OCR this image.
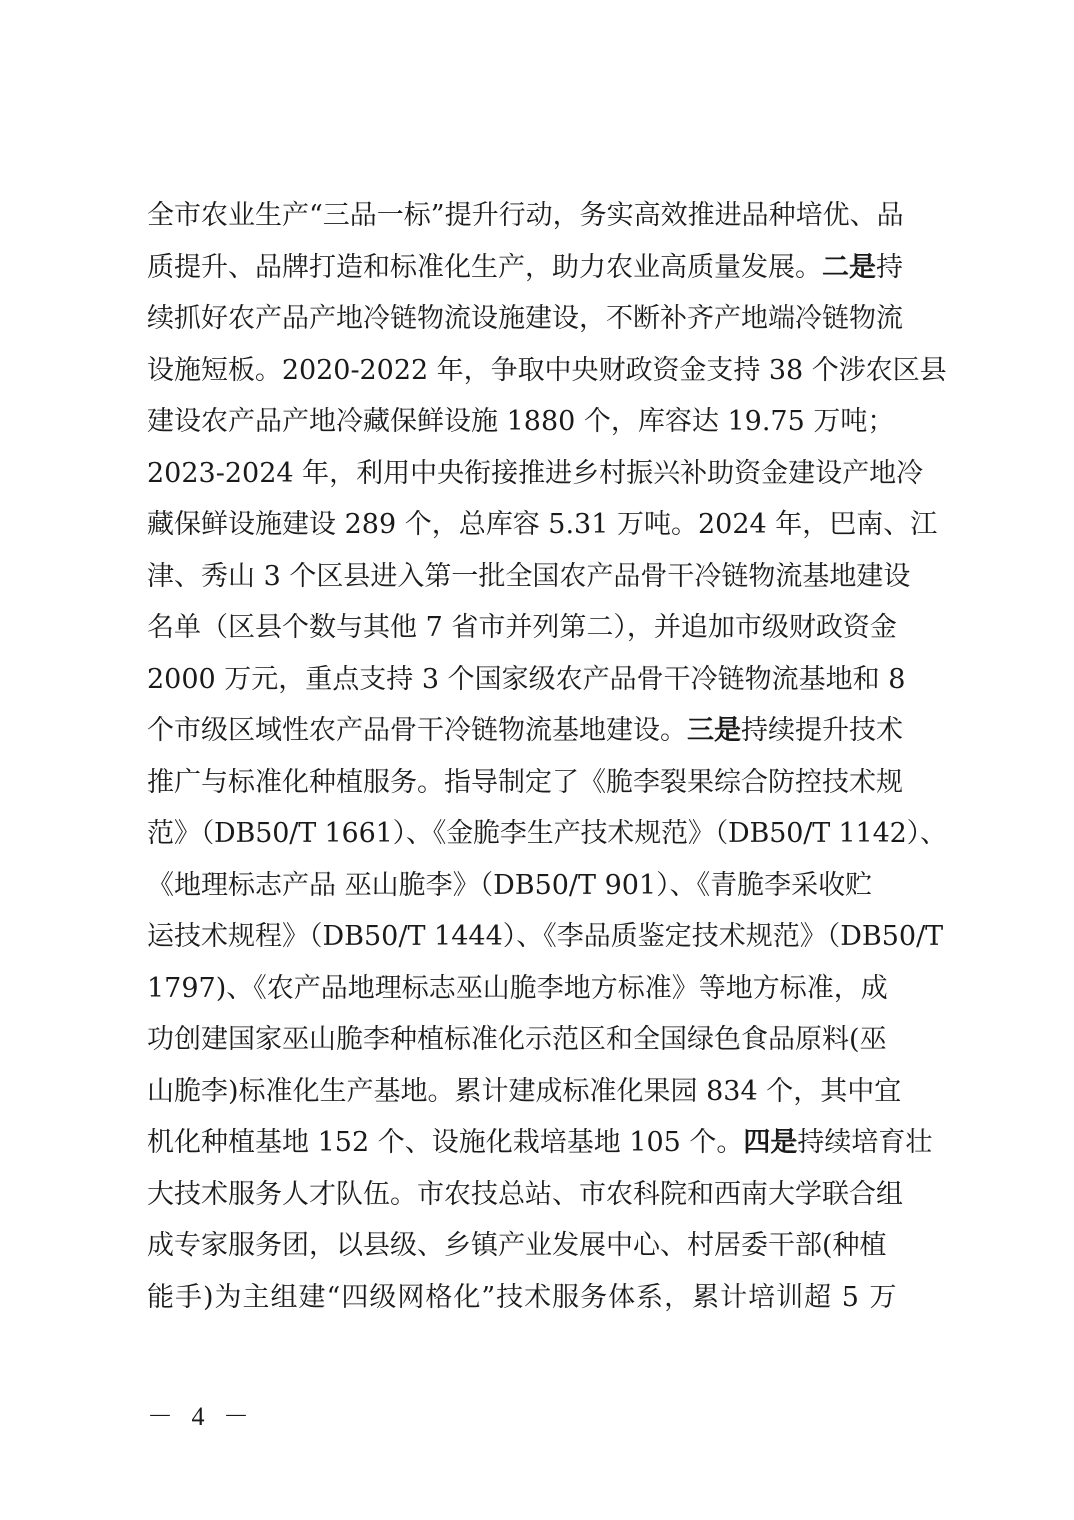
全市农业生产“三品一标”提升行动，务实高效推进品种培优、品
质提升、品牌打造和标准化生产，助力农业高质量发展。二是持
续抓好农产品产地冷链物流设施建设，不断补齐产地端冷链物流
设施短板。2020-2022 年，争取中央财政资金支持 38 个涉农区县
建设农产品产地冷藏保鲜设施 1880 个，库容达 19.75 万吨；
2023-2024 年，利用中央衔接推进乡村振兴补助资金建设产地冷
藏保鲜设施建设 289 个，总库容 5.31 万吨。2024 年，巴南、江
津、秀山 3 个区县进入第一批全国农产品骨干冷链物流基地建设
名单（区县个数与其他 7 省市并列第二），并追加市级财政资金
2000 万元，重点支持 3 个国家级农产品骨干冷链物流基地和 8
个市级区域性农产品骨干冷链物流基地建设。三是持续提升技术
推广与标准化种植服务。指导制定了《脆李裂果综合防控技术规
范》（DB50/T 1661）、《金脆李生产技术规范》（DB50/T 1142）、
《地理标志产品 巫山脆李》（DB50/T 901）、《青脆李采收贮
运技术规程》（DB50/T 1444）、《李品质鉴定技术规范》（DB50/T
1797)、《农产品地理标志巫山脆李地方标准》等地方标准，成
功创建国家巫山脆李种植标准化示范区和全国绿色食品原料(巫
山脆李)标准化生产基地。累计建成标准化果园 834 个，其中宜
机化种植基地 152 个、设施化栽培基地 105 个。四是持续培育壮
大技术服务人才队伍。市农技总站、市农科院和西南大学联合组
成专家服务团，以县级、乡镇产业发展中心、村居委干部(种植
能手)为主组建“四级网格化”技术服务体系，累计培训超 5 万
－ 4 －
